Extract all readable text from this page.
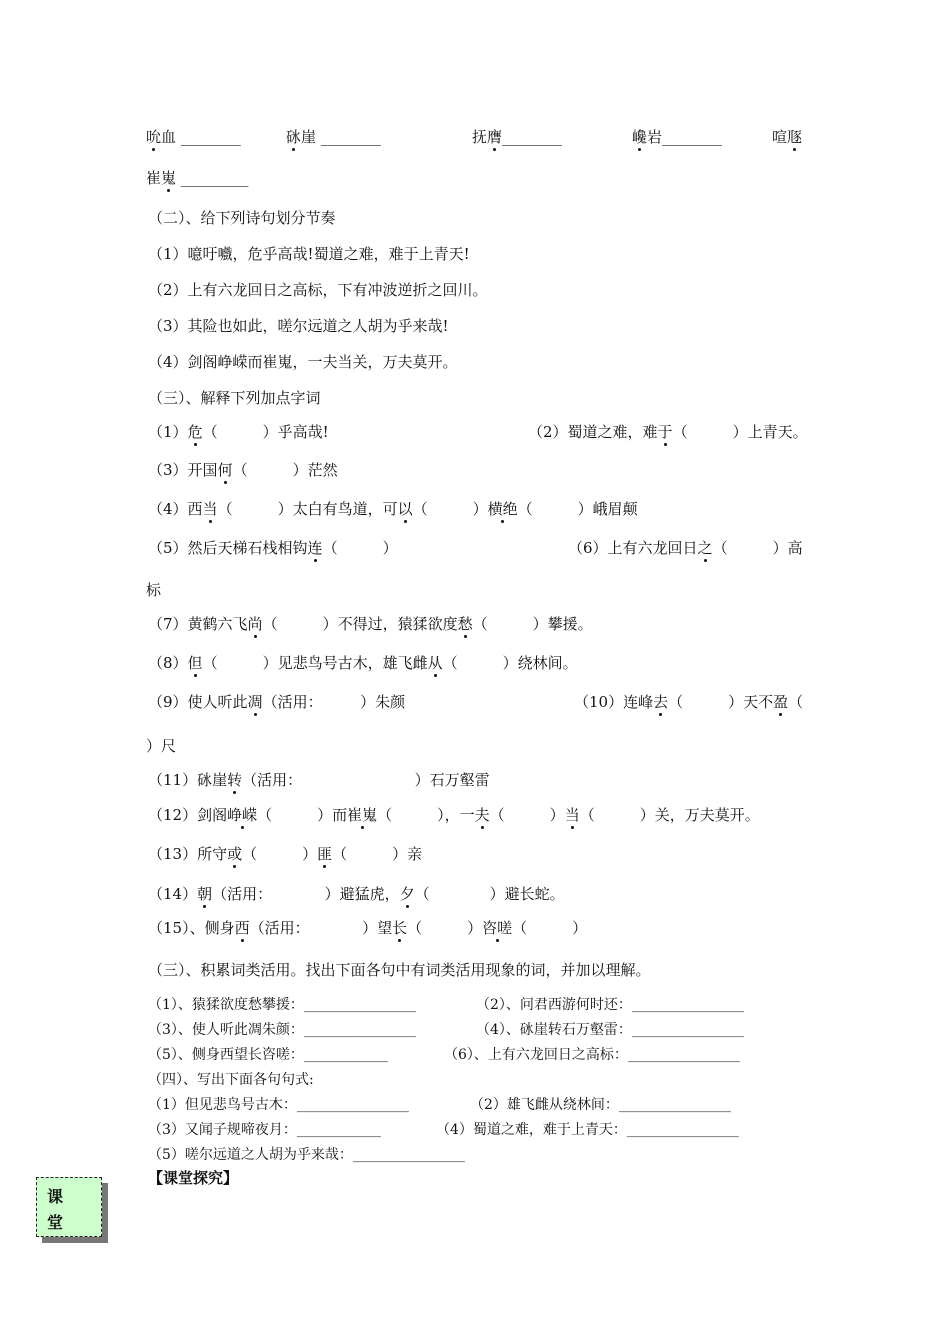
吮血 ________	砯崖 ________	抚膺________	巉岩________	喧豗
崔嵬 _________
（二）、给下列诗句划分节奏
（1）噫吁嚱，危乎高哉!蜀道之难，难于上青天!
（2）上有六龙回日之高标，下有冲波逆折之回川。
（3）其险也如此，嗟尔远道之人胡为乎来哉!
（4）剑阁峥嵘而崔嵬，一夫当关，万夫莫开。
（三）、解释下列加点字词
（1）危（　　　）乎高哉!	（2）蜀道之难，难于（　　　）上青天。
（3）开国何（　　　）茫然
（4）西当（　　　）太白有鸟道，可以（　　　）横绝（　　　）峨眉颠
（5）然后天梯石栈相钩连（　　　）	（6）上有六龙回日之（　　　）高
标
（7）黄鹤六飞尚（　　　）不得过，猿猱欲度愁（　　　）攀援。
（8）但（　　　）见悲鸟号古木，雄飞雌从（　　　）绕林间。
（9）使人听此凋（活用：　　　）朱颜	（10）连峰去（　　　）天不盈（
）尺
（11）砯崖转（活用：　　　　　　　　）石万壑雷
（12）剑阁峥嵘（　　　）而崔嵬（　　　），一夫（　　　）当（　　　）关，万夫莫开。
（13）所守或（　　　）匪（　　　）亲
（14）朝（活用：　　　　）避猛虎，夕（　　　　）避长蛇。
（15）、侧身西（活用：　　　　）望长（　　　）咨嗟（　　　）
（三）、积累词类活用。找出下面各句中有词类活用现象的词，并加以理解。
（1）、猿猱欲度愁攀援：________________	（2）、问君西游何时还：________________
（3）、使人听此凋朱颜：________________	（4）、砯崖转石万壑雷：________________
（5）、侧身西望长咨嗟：____________	（6）、上有六龙回日之高标：________________
（四）、写出下面各句句式:
（1）但见悲鸟号古木：________________	（2）雄飞雌从绕林间：________________
（3）又闻子规啼夜月：____________	（4）蜀道之难，难于上青天：________________
（5）嗟尔远道之人胡为乎来哉：________________
【课堂探究】
课
堂
